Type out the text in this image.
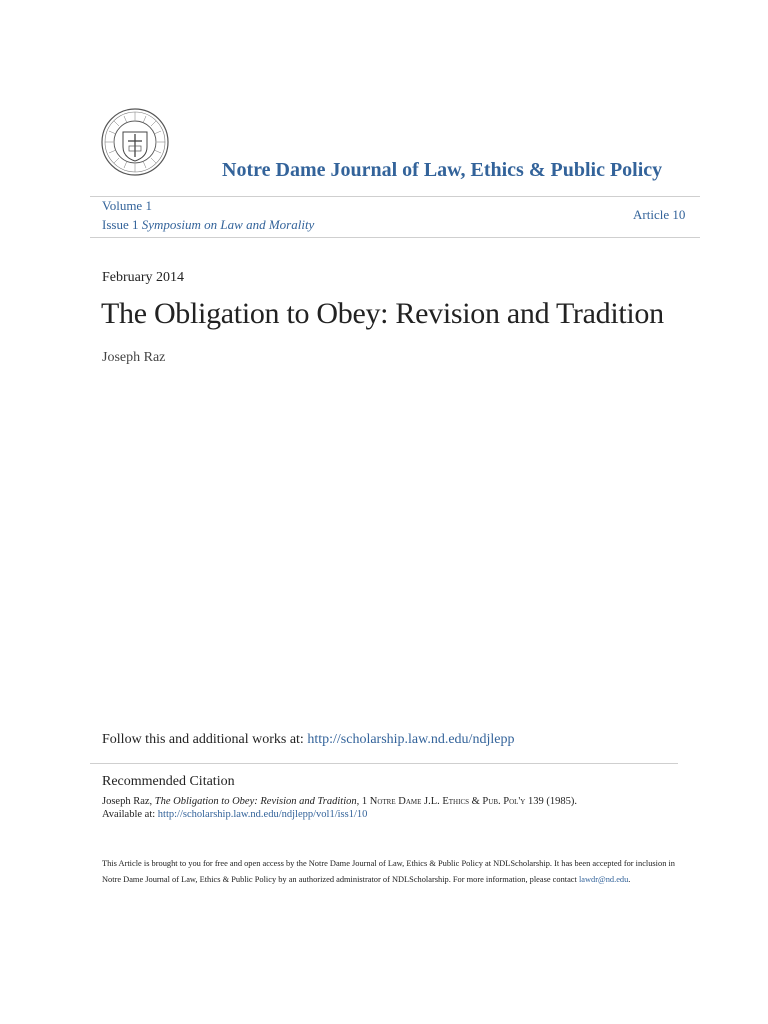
Notre Dame Journal of Law, Ethics & Public Policy
Volume 1
Issue 1 Symposium on Law and Morality
Article 10
February 2014
The Obligation to Obey: Revision and Tradition
Joseph Raz
Follow this and additional works at: http://scholarship.law.nd.edu/ndjlepp
Recommended Citation
Joseph Raz, The Obligation to Obey: Revision and Tradition, 1 Notre Dame J.L. Ethics & Pub. Pol'y 139 (1985).
Available at: http://scholarship.law.nd.edu/ndjlepp/vol1/iss1/10
This Article is brought to you for free and open access by the Notre Dame Journal of Law, Ethics & Public Policy at NDLScholarship. It has been accepted for inclusion in Notre Dame Journal of Law, Ethics & Public Policy by an authorized administrator of NDLScholarship. For more information, please contact lawdr@nd.edu.
